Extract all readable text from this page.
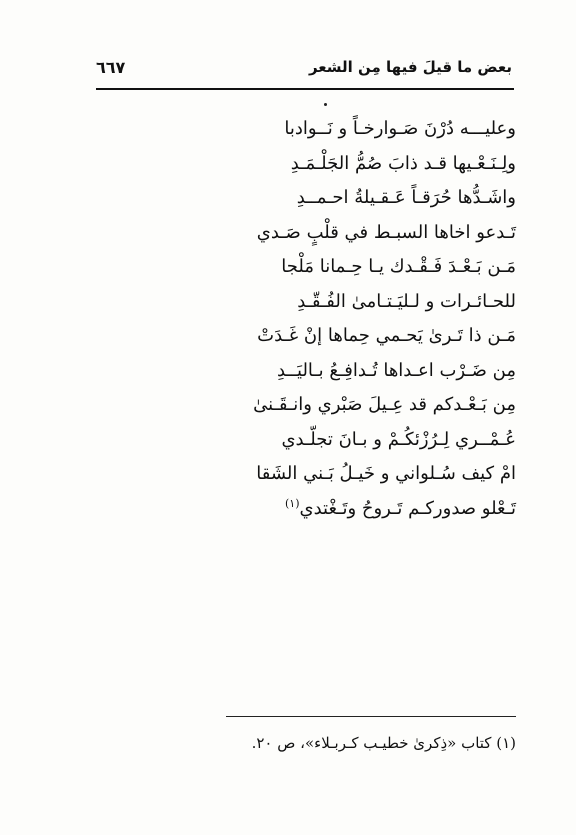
بعض ما قيلَ فيها مِن الشعر
٦٦٧
وعليـــه دُرْنَ صَـوارخـاً و نَــوادبا
ولِـنَـعْـيها قـد ذابَ صُمُّ الجَلْـمَـدِ
واشَـدُّها حُرَقـاً عَـقـيلةُ احـمــدِ
تَـدعو اخاها السبـط في قلْبٍ صَـدي
مَـن بَـعْـدَ فَـقْـدك يـا حِـمانا مَلْجا
للحـائـرات و لـليَـتـامىٰ الفُـقّـدِ
مَـن ذا تَـرىٰ يَحـمي حِماها إنْ غَـدَتْ
مِن ضَـرْب اعـداها تُـدافِـعُ بـاليَــدِ
مِن بَـعْـدكم قد عِـيلَ صَبْري وانـقَـنىٰ
عُـمْــري لِـرُزْئكُـمْ و بـانَ تجلّـدي
امْ كيف سُـلواني و خَيـلُ بَـني الشَقا
تَـعْلو صدوركـم تَـروحُ وتَـغْتدي$^{(١)}$
(١) كتاب «ذِكرىٰ خطيـب كـربـلاء»، ص ٢٠.
